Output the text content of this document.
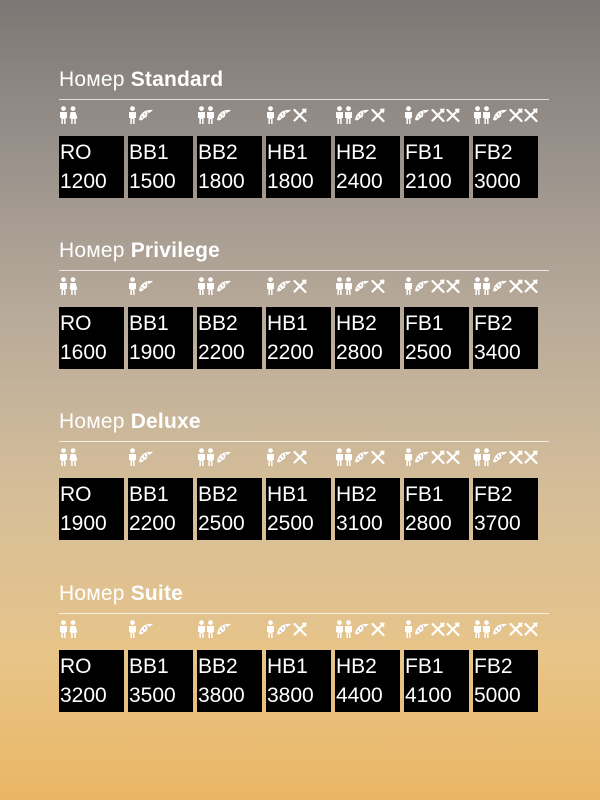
Номер Standard
RO
1200
BB1
1500
BB2
1800
HB1
1800
HB2
2400
FB1
2100
FB2
3000
Номер Privilege
RO
1600
BB1
1900
BB2
2200
HB1
2200
HB2
2800
FB1
2500
FB2
3400
Номер Deluxe
RO
1900
BB1
2200
BB2
2500
HB1
2500
HB2
3100
FB1
2800
FB2
3700
Номер Suite
RO
3200
BB1
3500
BB2
3800
HB1
3800
HB2
4400
FB1
4100
FB2
5000
